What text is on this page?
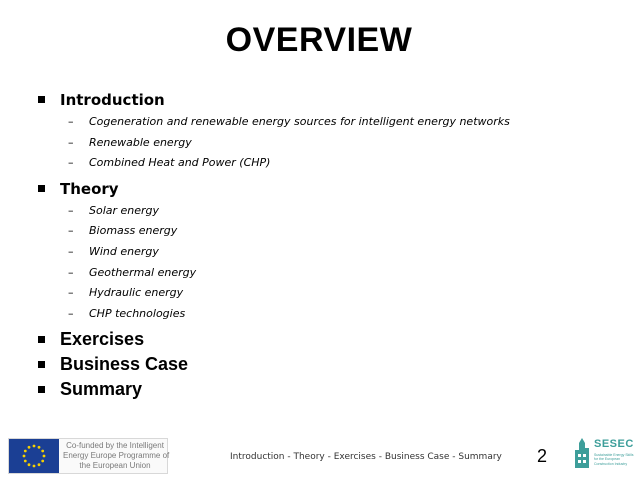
OVERVIEW
Introduction
– Cogeneration and renewable energy sources for intelligent energy networks
– Renewable energy
– Combined Heat and Power (CHP)
Theory
– Solar energy
– Biomass energy
– Wind energy
– Geothermal energy
– Hydraulic energy
– CHP technologies
Exercises
Business Case
Summary
Co-funded by the Intelligent
Energy Europe Programme of
the European Union
Introduction - Theory - Exercises - Business Case - Summary 2
SESEC
Sustainable Energy Skills
for the European
Construction Industry
